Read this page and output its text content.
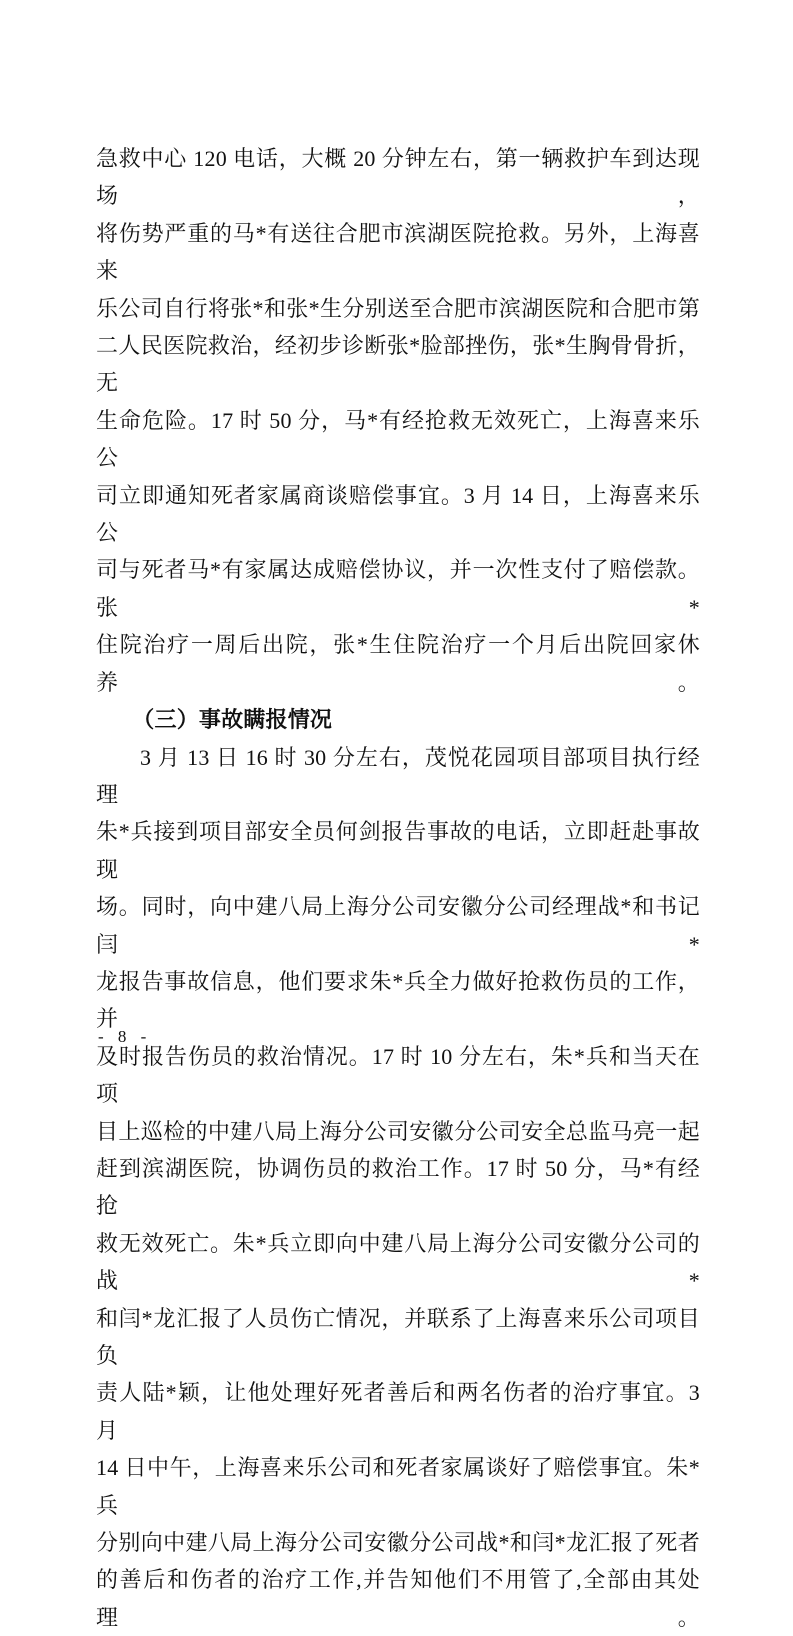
急救中心 120 电话，大概 20 分钟左右，第一辆救护车到达现场，
将伤势严重的马*有送往合肥市滨湖医院抢救。另外，上海喜来
乐公司自行将张*和张*生分别送至合肥市滨湖医院和合肥市第
二人民医院救治，经初步诊断张*脸部挫伤，张*生胸骨骨折，无
生命危险。17 时 50 分，马*有经抢救无效死亡，上海喜来乐公
司立即通知死者家属商谈赔偿事宜。3 月 14 日，上海喜来乐公
司与死者马*有家属达成赔偿协议，并一次性支付了赔偿款。张*
住院治疗一周后出院，张*生住院治疗一个月后出院回家休养。
（三）事故瞒报情况
3 月 13 日 16 时 30 分左右，茂悦花园项目部项目执行经理
朱*兵接到项目部安全员何剑报告事故的电话，立即赶赴事故现
场。同时，向中建八局上海分公司安徽分公司经理战*和书记闫*
龙报告事故信息，他们要求朱*兵全力做好抢救伤员的工作，并
及时报告伤员的救治情况。17 时 10 分左右，朱*兵和当天在项
目上巡检的中建八局上海分公司安徽分公司安全总监马亮一起
赶到滨湖医院，协调伤员的救治工作。17 时 50 分，马*有经抢
救无效死亡。朱*兵立即向中建八局上海分公司安徽分公司的战*
和闫*龙汇报了人员伤亡情况，并联系了上海喜来乐公司项目负
责人陆*颖，让他处理好死者善后和两名伤者的治疗事宜。3 月
14 日中午，上海喜来乐公司和死者家属谈好了赔偿事宜。朱*兵
分别向中建八局上海分公司安徽分公司战*和闫*龙汇报了死者
的善后和伤者的治疗工作,并告知他们不用管了,全部由其处理。
- 8 -
